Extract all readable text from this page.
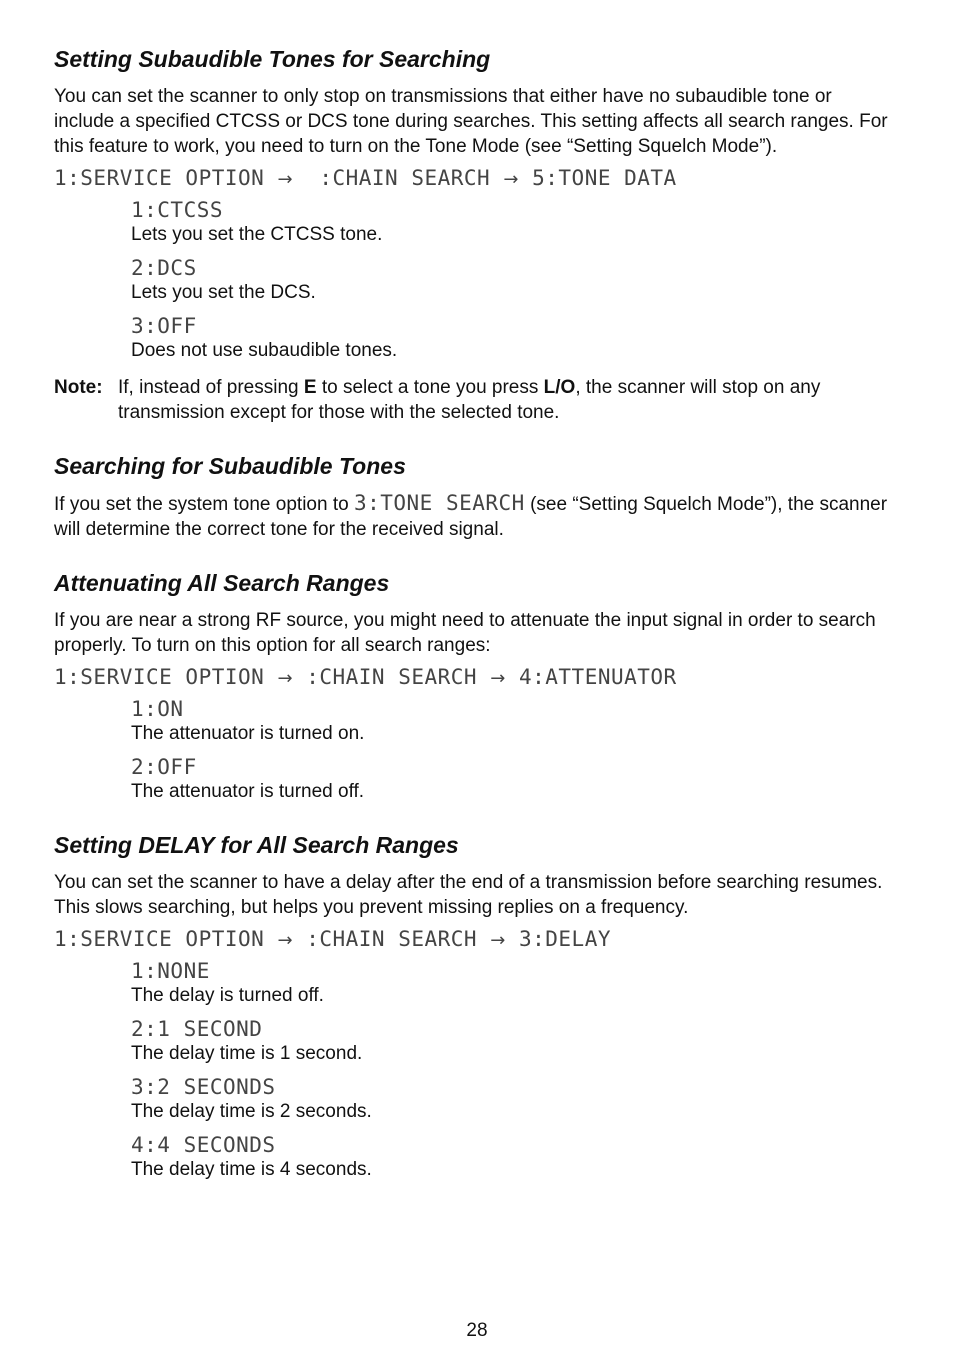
Setting Subaudible Tones for Searching

You can set the scanner to only stop on transmissions that either have no subaudible tone or include a specified CTCSS or DCS tone during searches. This setting affects all search ranges. For this feature to work, you need to turn on the Tone Mode (see “Setting Squelch Mode”).

1:SERVICE OPTION → :CHAIN SEARCH → 5:TONE DATA
1:CTCSS
Lets you set the CTCSS tone.
2:DCS
Lets you set the DCS.
3:OFF
Does not use subaudible tones.
Note: If, instead of pressing E to select a tone you press L/O, the scanner will stop on any transmission except for those with the selected tone.
Searching for Subaudible Tones

If you set the system tone option to 3:TONE SEARCH (see “Setting Squelch Mode”), the scanner will determine the correct tone for the received signal.

Attenuating All Search Ranges

If you are near a strong RF source, you might need to attenuate the input signal in order to search properly. To turn on this option for all search ranges:

1:SERVICE OPTION → :CHAIN SEARCH → 4:ATTENUATOR
1:ON
The attenuator is turned on.
2:OFF
The attenuator is turned off.
Setting DELAY for All Search Ranges

You can set the scanner to have a delay after the end of a transmission before searching resumes. This slows searching, but helps you prevent missing replies on a frequency.

1:SERVICE OPTION → :CHAIN SEARCH → 3:DELAY
1:NONE
The delay is turned off.
2:1 SECOND
The delay time is 1 second.
3:2 SECONDS
The delay time is 2 seconds.
4:4 SECONDS
The delay time is 4 seconds.
28
